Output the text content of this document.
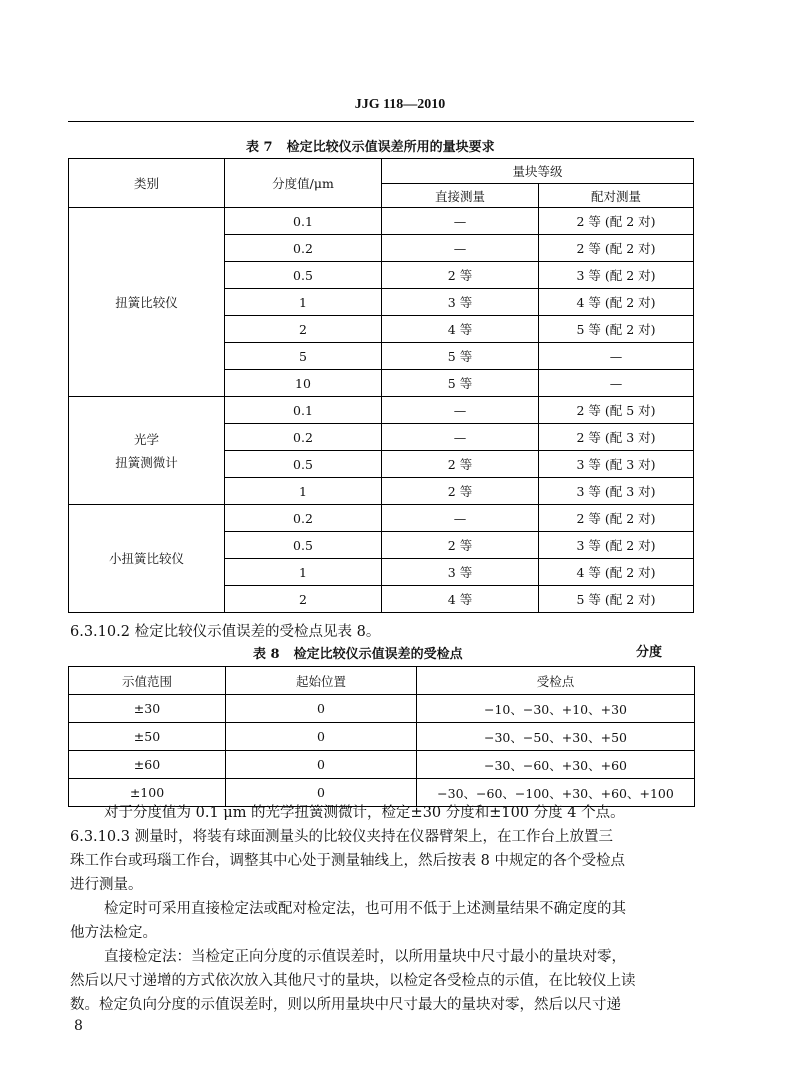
JJG 118—2010
表 7 检定比较仪示值误差所用的量块要求
类别	分度值/μm	量块等级	
		直接测量	配对测量

扭簧比较仪	0.1	—	2 等 (配 2 对)
	0.2	—	2 等 (配 2 对)
	0.5	2 等	3 等 (配 2 对)
	1	3 等	4 等 (配 2 对)
	2	4 等	5 等 (配 2 对)
	5	5 等	—
	10	5 等	—

光学
扭簧测微计	0.1	—	2 等 (配 5 对)
	0.2	—	2 等 (配 3 对)
	0.5	2 等	3 等 (配 3 对)
	1	2 等	3 等 (配 3 对)

小扭簧比较仪	0.2	—	2 等 (配 2 对)
	0.5	2 等	3 等 (配 2 对)
	1	3 等	4 等 (配 2 对)
	2	4 等	5 等 (配 2 对)
6.3.10.2 检定比较仪示值误差的受检点见表 8。
表 8 检定比较仪示值误差的受检点	分度
示值范围	起始位置	受检点
±30	0	−10、−30、+10、+30
±50	0	−30、−50、+30、+50
±60	0	−30、−60、+30、+60
±100	0	−30、−60、−100、+30、+60、+100
对于分度值为 0.1 μm 的光学扭簧测微计，检定±30 分度和±100 分度 4 个点。
6.3.10.3 测量时，将装有球面测量头的比较仪夹持在仪器臂架上，在工作台上放置三
珠工作台或玛瑙工作台，调整其中心处于测量轴线上，然后按表 8 中规定的各个受检点
进行测量。
检定时可采用直接检定法或配对检定法，也可用不低于上述测量结果不确定度的其
他方法检定。
直接检定法：当检定正向分度的示值误差时，以所用量块中尺寸最小的量块对零，
然后以尺寸递增的方式依次放入其他尺寸的量块，以检定各受检点的示值，在比较仪上读
数。检定负向分度的示值误差时，则以所用量块中尺寸最大的量块对零，然后以尺寸递
8
